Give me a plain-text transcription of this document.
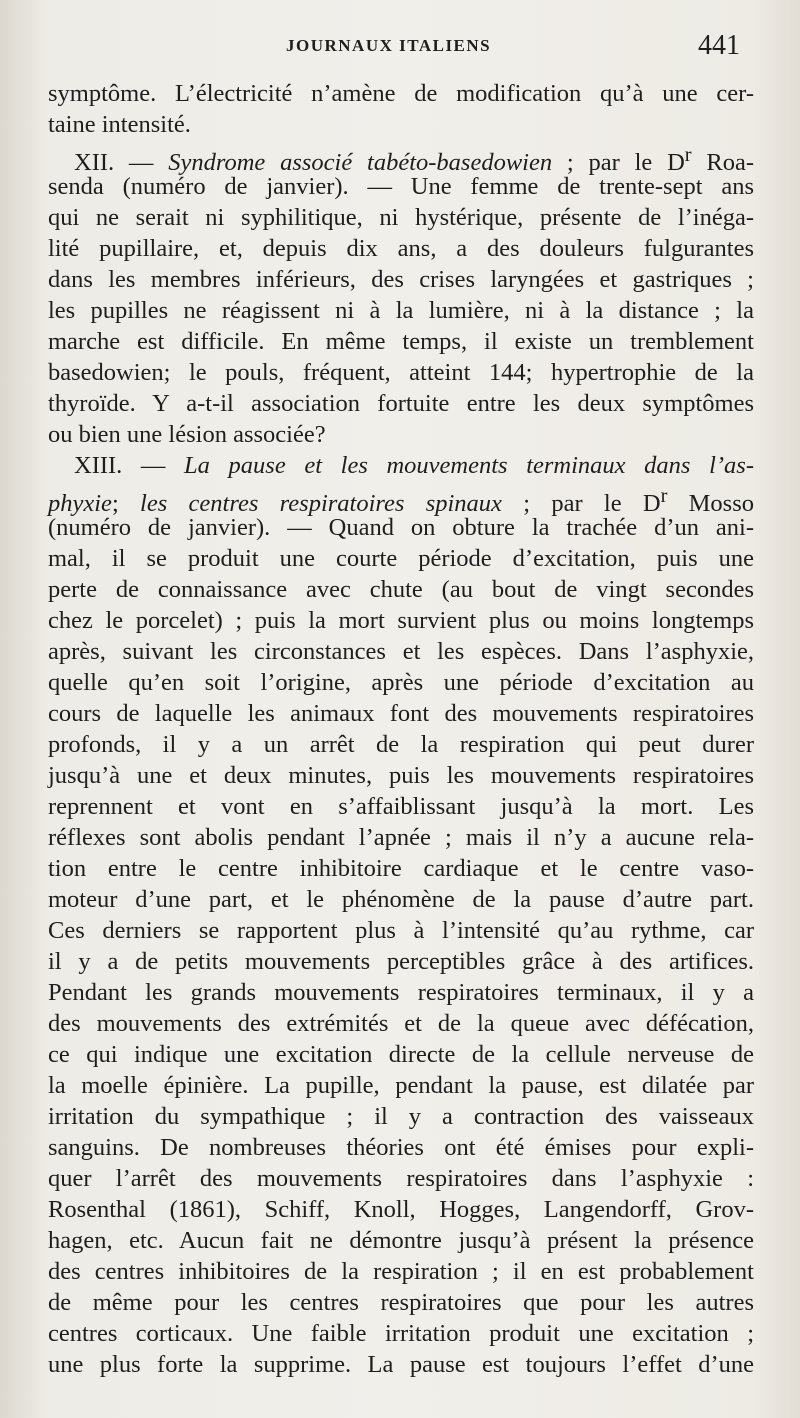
JOURNAUX ITALIENS	441
symptôme. L’électricité n’amène de modification qu’à une cer-
taine intensité.
XII. — Syndrome associé tabéto-basedowien ; par le $D^r$ Roa-
senda (numéro de janvier). — Une femme de trente-sept ans
qui ne serait ni syphilitique, ni hystérique, présente de l’inéga-
lité pupillaire, et, depuis dix ans, a des douleurs fulgurantes
dans les membres inférieurs, des crises laryngées et gastriques ;
les pupilles ne réagissent ni à la lumière, ni à la distance ; la
marche est difficile. En même temps, il existe un tremblement
basedowien; le pouls, fréquent, atteint 144; hypertrophie de la
thyroïde. Y a-t-il association fortuite entre les deux symptômes
ou bien une lésion associée?
XIII. — La pause et les mouvements terminaux dans l’as-
phyxie; les centres respiratoires spinaux ; par le $D^r$ Mosso
(numéro de janvier). — Quand on obture la trachée d’un ani-
mal, il se produit une courte période d’excitation, puis une
perte de connaissance avec chute (au bout de vingt secondes
chez le porcelet) ; puis la mort survient plus ou moins longtemps
après, suivant les circonstances et les espèces. Dans l’asphyxie,
quelle qu’en soit l’origine, après une période d’excitation au
cours de laquelle les animaux font des mouvements respiratoires
profonds, il y a un arrêt de la respiration qui peut durer
jusqu’à une et deux minutes, puis les mouvements respiratoires
reprennent et vont en s’affaiblissant jusqu’à la mort. Les
réflexes sont abolis pendant l’apnée ; mais il n’y a aucune rela-
tion entre le centre inhibitoire cardiaque et le centre vaso-
moteur d’une part, et le phénomène de la pause d’autre part.
Ces derniers se rapportent plus à l’intensité qu’au rythme, car
il y a de petits mouvements perceptibles grâce à des artifices.
Pendant les grands mouvements respiratoires terminaux, il y a
des mouvements des extrémités et de la queue avec défécation,
ce qui indique une excitation directe de la cellule nerveuse de
la moelle épinière. La pupille, pendant la pause, est dilatée par
irritation du sympathique ; il y a contraction des vaisseaux
sanguins. De nombreuses théories ont été émises pour expli-
quer l’arrêt des mouvements respiratoires dans l’asphyxie :
Rosenthal (1861), Schiff, Knoll, Hogges, Langendorff, Grov-
hagen, etc. Aucun fait ne démontre jusqu’à présent la présence
des centres inhibitoires de la respiration ; il en est probablement
de même pour les centres respiratoires que pour les autres
centres corticaux. Une faible irritation produit une excitation ;
une plus forte la supprime. La pause est toujours l’effet d’une
